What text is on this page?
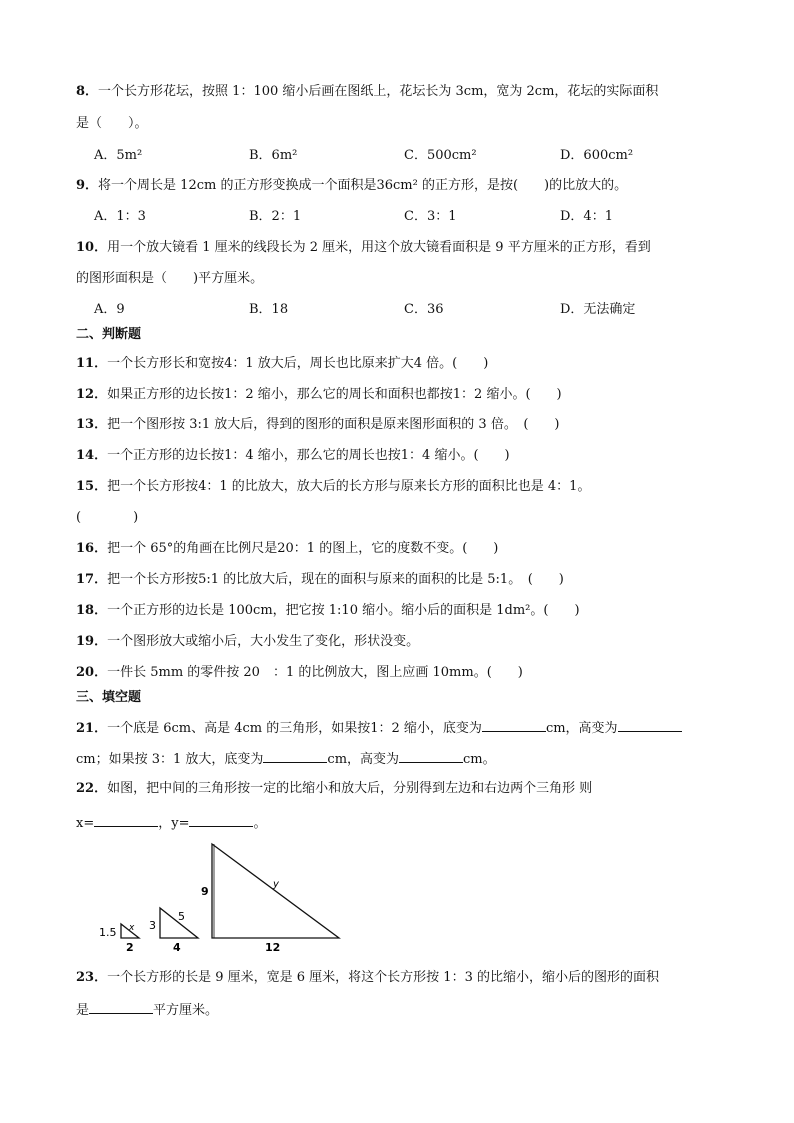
8．一个长方形花坛，按照 1：100 缩小后画在图纸上，花坛长为 3cm，宽为 2cm，花坛的实际面积
是（　　）。
A．5m²	B．6m²	C．500cm²	D．600cm²
9．将一个周长是 12cm 的正方形变换成一个面积是36cm² 的正方形，是按(　　)的比放大的。
A．1：3	B．2：1	C．3：1	D．4：1
10．用一个放大镜看 1 厘米的线段长为 2 厘米，用这个放大镜看面积是 9 平方厘米的正方形，看到
的图形面积是（　　)平方厘米。
A．9	B．18	C．36	D．无法确定
二、判断题
11．一个长方形长和宽按4：1 放大后，周长也比原来扩大4 倍。(　　)
12．如果正方形的边长按1：2 缩小，那么它的周长和面积也都按1：2 缩小。(　　)
13．把一个图形按 3:1 放大后，得到的图形的面积是原来图形面积的 3 倍。　(　　)
14．一个正方形的边长按1：4 缩小，那么它的周长也按1：4 缩小。(　　)
15．把一个长方形按4：1 的比放大，放大后的长方形与原来长方形的面积比也是 4：1。
(　　　　)
16．把一个 65°的角画在比例尺是20：1 的图上，它的度数不变。(　　)
17．把一个长方形按5:1 的比放大后，现在的面积与原来的面积的比是 5:1。　(　　)
18．一个正方形的边长是 100cm，把它按 1:10 缩小。缩小后的面积是 1dm²。(　　)
19．一个图形放大或缩小后，大小发生了变化，形状没变。
20．一件长 5mm 的零件按 20　：1 的比例放大，图上应画 10mm。(　　)
三、填空题
21．一个底是 6cm、高是 4cm 的三角形，如果按1：2 缩小，底变为	cm，高变为
cm；如果按 3：1 放大，底变为	cm，高变为	cm。
22．如图，把中间的三角形按一定的比缩小和放大后，分别得到左边和右边两个三角形 则
x=	，y=	。
1.5
2
x 3
4
5
9
12
y
23．一个长方形的长是 9 厘米，宽是 6 厘米，将这个长方形按 1：3 的比缩小，缩小后的图形的面积
是	平方厘米。
